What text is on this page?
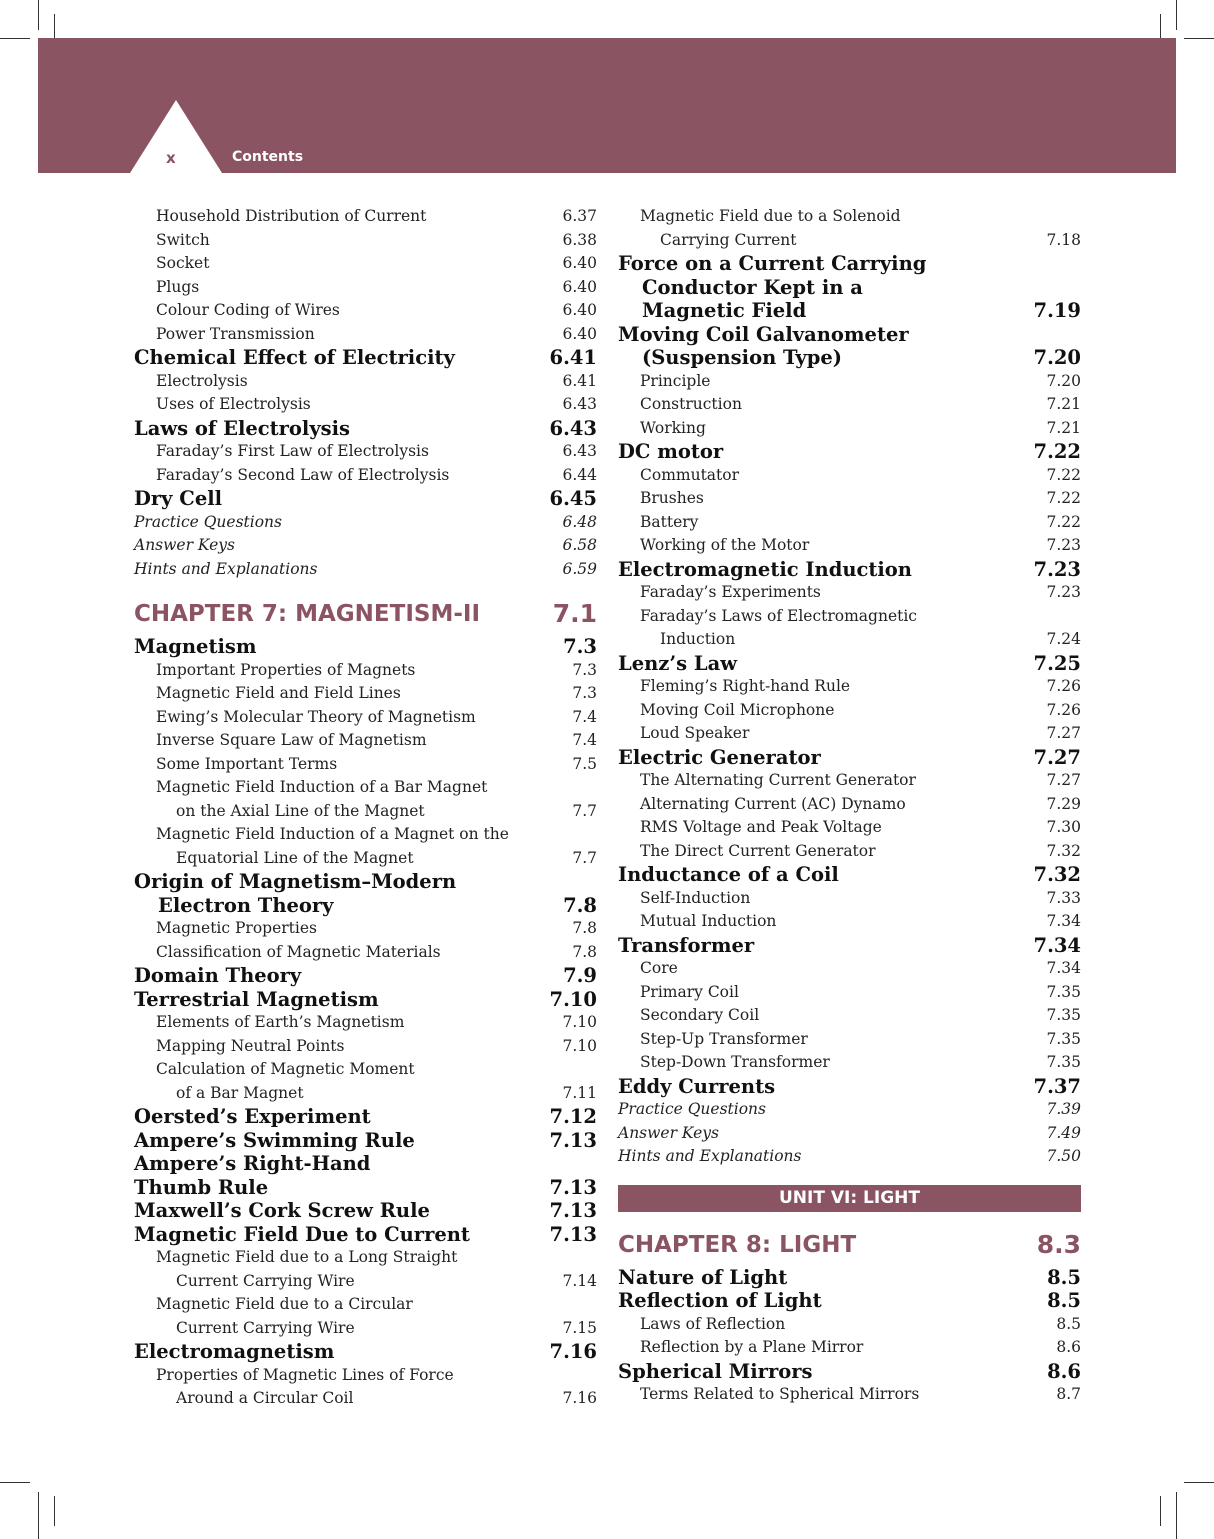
x	Contents
Household Distribution of Current	6.37
Switch	6.38
Socket	6.40
Plugs	6.40
Colour Coding of Wires	6.40
Power Transmission	6.40
Chemical Effect of Electricity	6.41
Electrolysis	6.41
Uses of Electrolysis	6.43
Laws of Electrolysis	6.43
Faraday’s First Law of Electrolysis	6.43
Faraday’s Second Law of Electrolysis	6.44
Dry Cell	6.45
Practice Questions	6.48
Answer Keys	6.58
Hints and Explanations	6.59
CHAPTER 7: MAGNETISM-II	7.1
Magnetism	7.3
Important Properties of Magnets	7.3
Magnetic Field and Field Lines	7.3
Ewing’s Molecular Theory of Magnetism	7.4
Inverse Square Law of Magnetism	7.4
Some Important Terms	7.5
Magnetic Field Induction of a Bar Magnet
on the Axial Line of the Magnet	7.7
Magnetic Field Induction of a Magnet on the
Equatorial Line of the Magnet	7.7
Origin of Magnetism–Modern
Electron Theory	7.8
Magnetic Properties	7.8
Classification of Magnetic Materials	7.8
Domain Theory	7.9
Terrestrial Magnetism	7.10
Elements of Earth’s Magnetism	7.10
Mapping Neutral Points	7.10
Calculation of Magnetic Moment
of a Bar Magnet	7.11
Oersted’s Experiment	7.12
Ampere’s Swimming Rule	7.13
Ampere’s Right-Hand
Thumb Rule	7.13
Maxwell’s Cork Screw Rule	7.13
Magnetic Field Due to Current	7.13
Magnetic Field due to a Long Straight
Current Carrying Wire	7.14
Magnetic Field due to a Circular
Current Carrying Wire	7.15
Electromagnetism	7.16
Properties of Magnetic Lines of Force
Around a Circular Coil	7.16
Magnetic Field due to a Solenoid
Carrying Current	7.18
Force on a Current Carrying
Conductor Kept in a
Magnetic Field	7.19
Moving Coil Galvanometer
(Suspension Type)	7.20
Principle	7.20
Construction	7.21
Working	7.21
DC motor	7.22
Commutator	7.22
Brushes	7.22
Battery	7.22
Working of the Motor	7.23
Electromagnetic Induction	7.23
Faraday’s Experiments	7.23
Faraday’s Laws of Electromagnetic
Induction	7.24
Lenz’s Law	7.25
Fleming’s Right-hand Rule	7.26
Moving Coil Microphone	7.26
Loud Speaker	7.27
Electric Generator	7.27
The Alternating Current Generator	7.27
Alternating Current (AC) Dynamo	7.29
RMS Voltage and Peak Voltage	7.30
The Direct Current Generator	7.32
Inductance of a Coil	7.32
Self-Induction	7.33
Mutual Induction	7.34
Transformer	7.34
Core	7.34
Primary Coil	7.35
Secondary Coil	7.35
Step-Up Transformer	7.35
Step-Down Transformer	7.35
Eddy Currents	7.37
Practice Questions	7.39
Answer Keys	7.49
Hints and Explanations	7.50
UNIT VI: LIGHT
CHAPTER 8: LIGHT	8.3
Nature of Light	8.5
Reflection of Light	8.5
Laws of Reflection	8.5
Reflection by a Plane Mirror	8.6
Spherical Mirrors	8.6
Terms Related to Spherical Mirrors	8.7
